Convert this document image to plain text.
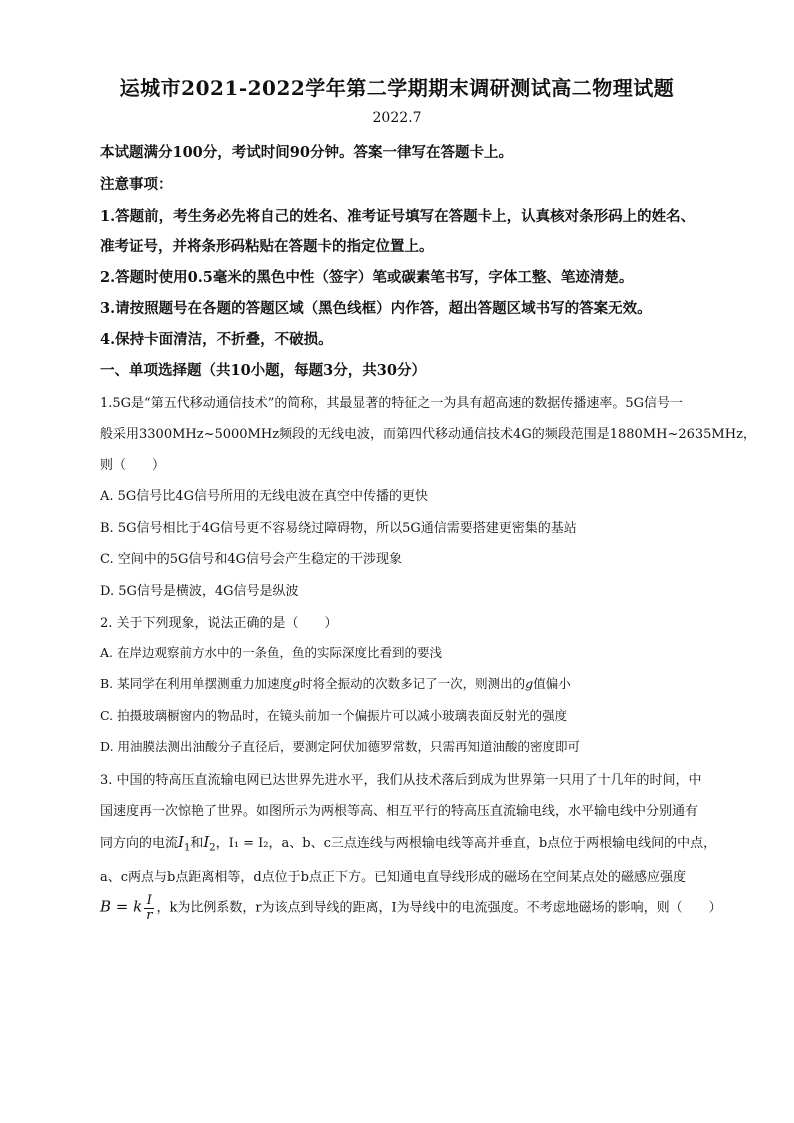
运城市2021-2022学年第二学期期末调研测试高二物理试题
2022.7
本试题满分100分，考试时间90分钟。答案一律写在答题卡上。
注意事项：
1.答题前，考生务必先将自己的姓名、准考证号填写在答题卡上，认真核对条形码上的姓名、
准考证号，并将条形码粘贴在答题卡的指定位置上。
2.答题时使用0.5毫米的黑色中性（签字）笔或碳素笔书写，字体工整、笔迹清楚。
3.请按照题号在各题的答题区域（黑色线框）内作答，超出答题区域书写的答案无效。
4.保持卡面清洁，不折叠，不破损。
一、单项选择题（共10小题，每题3分，共30分）
1.5G是“第五代移动通信技术”的简称，其最显著的特征之一为具有超高速的数据传播速率。5G信号一
般采用3300MHz~5000MHz频段的无线电波，而第四代移动通信技术4G的频段范围是1880MH~2635MHz，
则（　　）
A. 5G信号比4G信号所用的无线电波在真空中传播的更快
B. 5G信号相比于4G信号更不容易绕过障碍物，所以5G通信需要搭建更密集的基站
C. 空间中的5G信号和4G信号会产生稳定的干涉现象
D. 5G信号是横波，4G信号是纵波
2. 关于下列现象，说法正确的是（　　）
A. 在岸边观察前方水中的一条鱼，鱼的实际深度比看到的要浅
B. 某同学在利用单摆测重力加速度g时将全振动的次数多记了一次，则测出的g值偏小
C. 拍摄玻璃橱窗内的物品时，在镜头前加一个偏振片可以减小玻璃表面反射光的强度
D. 用油膜法测出油酸分子直径后，要测定阿伏加德罗常数，只需再知道油酸的密度即可
3. 中国的特高压直流输电网已达世界先进水平，我们从技术落后到成为世界第一只用了十几年的时间，中
国速度再一次惊艳了世界。如图所示为两根等高、相互平行的特高压直流输电线，水平输电线中分别通有
同方向的电流$I_1$和$I_2$，I₁ = I₂，a、b、c三点连线与两根输电线等高并垂直，b点位于两根输电线间的中点，
a、c两点与b点距离相等，d点位于b点正下方。已知通电直导线形成的磁场在空间某点处的磁感应强度
B = k $\frac{I}{r}$ ，k为比例系数，r为该点到导线的距离，I为导线中的电流强度。不考虑地磁场的影响，则（　　）
